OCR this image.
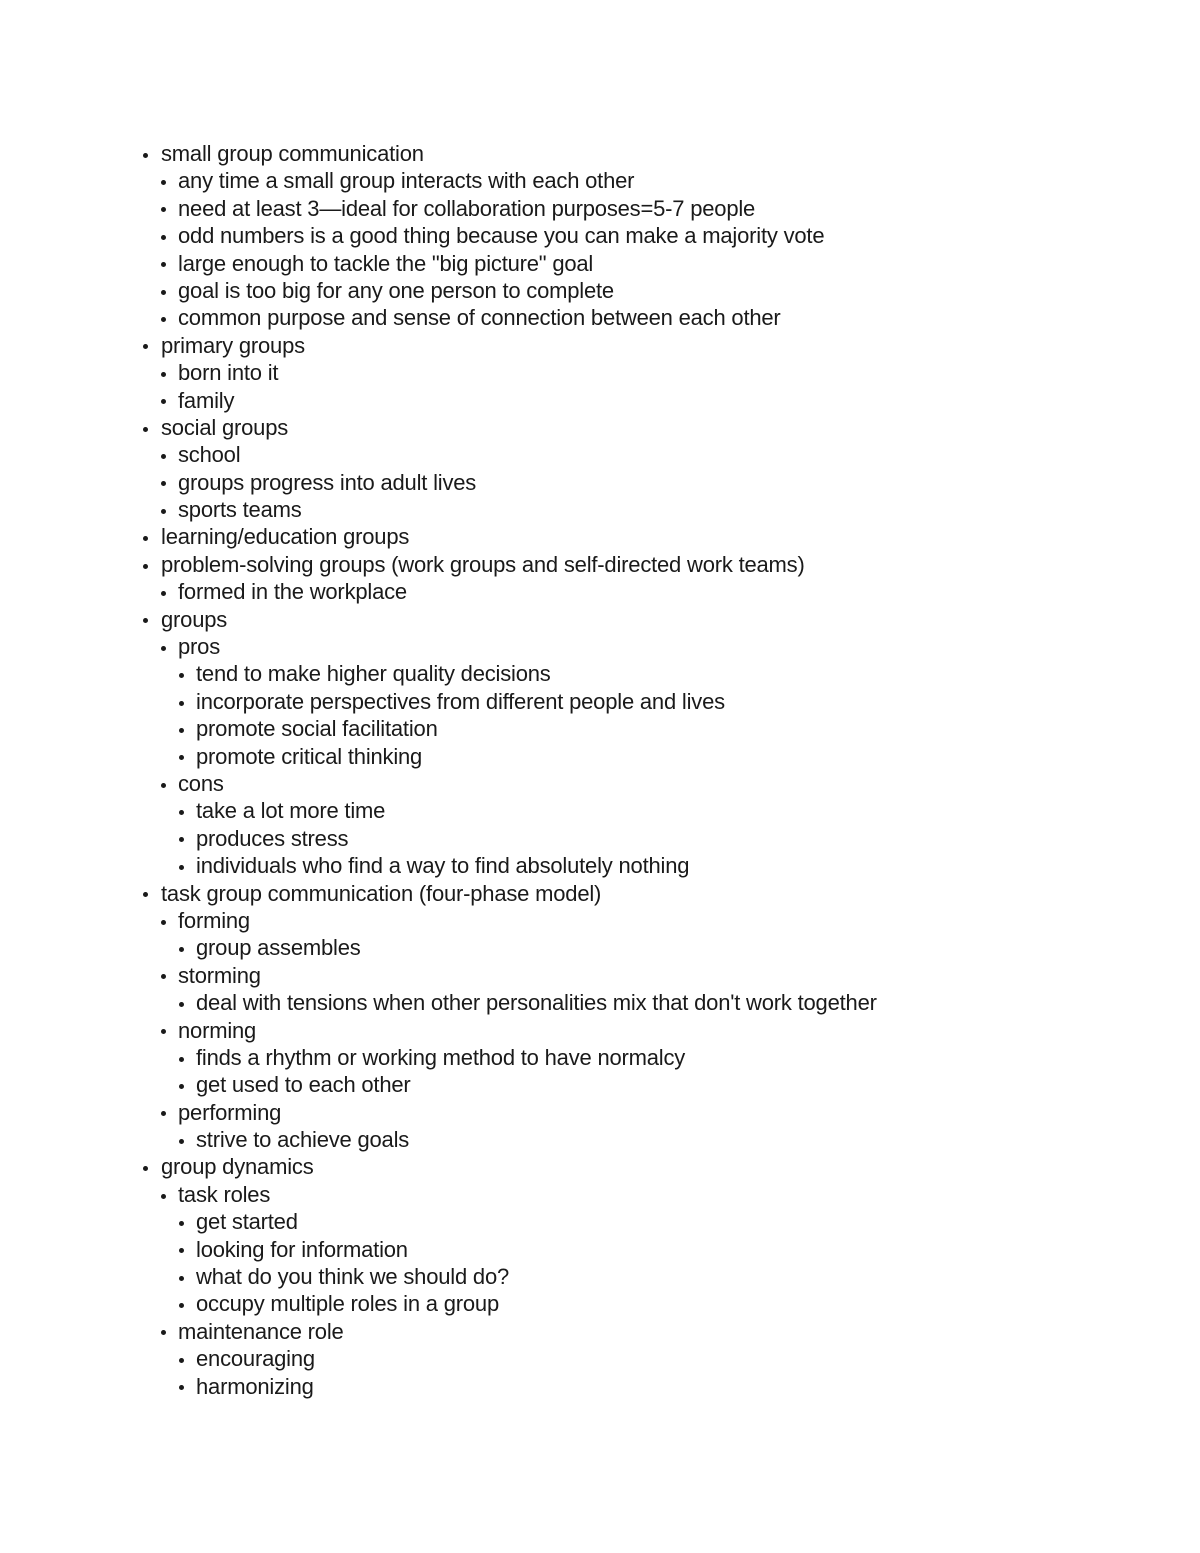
small group communication
any time a small group interacts with each other
need at least 3—ideal for collaboration purposes=5-7 people
odd numbers is a good thing because you can make a majority vote
large enough to tackle the "big picture" goal
goal is too big for any one person to complete
common purpose and sense of connection between each other
primary groups
born into it
family
social groups
school
groups progress into adult lives
sports teams
learning/education groups
problem-solving groups (work groups and self-directed work teams)
formed in the workplace
groups
pros
tend to make higher quality decisions
incorporate perspectives from different people and lives
promote social facilitation
promote critical thinking
cons
take a lot more time
produces stress
individuals who find a way to find absolutely nothing
task group communication (four-phase model)
forming
group assembles
storming
deal with tensions when other personalities mix that don't work together
norming
finds a rhythm or working method to have normalcy
get used to each other
performing
strive to achieve goals
group dynamics
task roles
get started
looking for information
what do you think we should do?
occupy multiple roles in a group
maintenance role
encouraging
harmonizing
